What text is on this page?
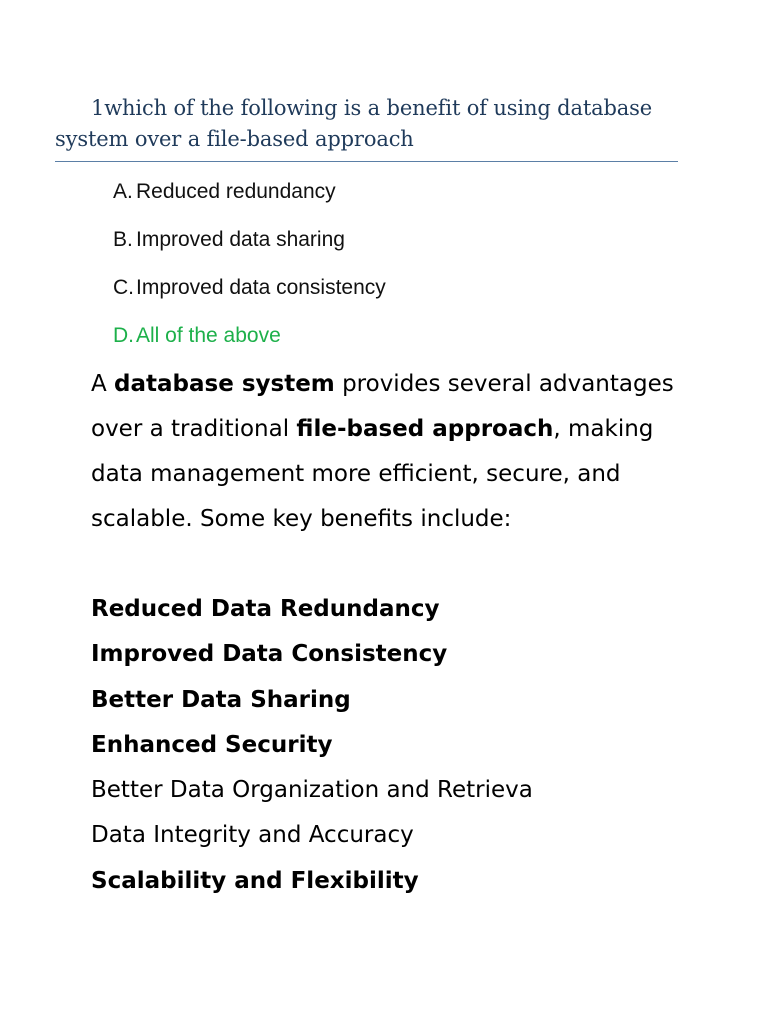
1which of the following is a benefit of using database system over a file-based approach

A. Reduced redundancy
B. Improved data sharing
C. Improved data consistency
D. All of the above

A database system provides several advantages over a traditional file-based approach, making data management more efficient, secure, and scalable. Some key benefits include:

Reduced Data Redundancy
Improved Data Consistency
Better Data Sharing
Enhanced Security
Better Data Organization and Retrieva
Data Integrity and Accuracy
Scalability and Flexibility
